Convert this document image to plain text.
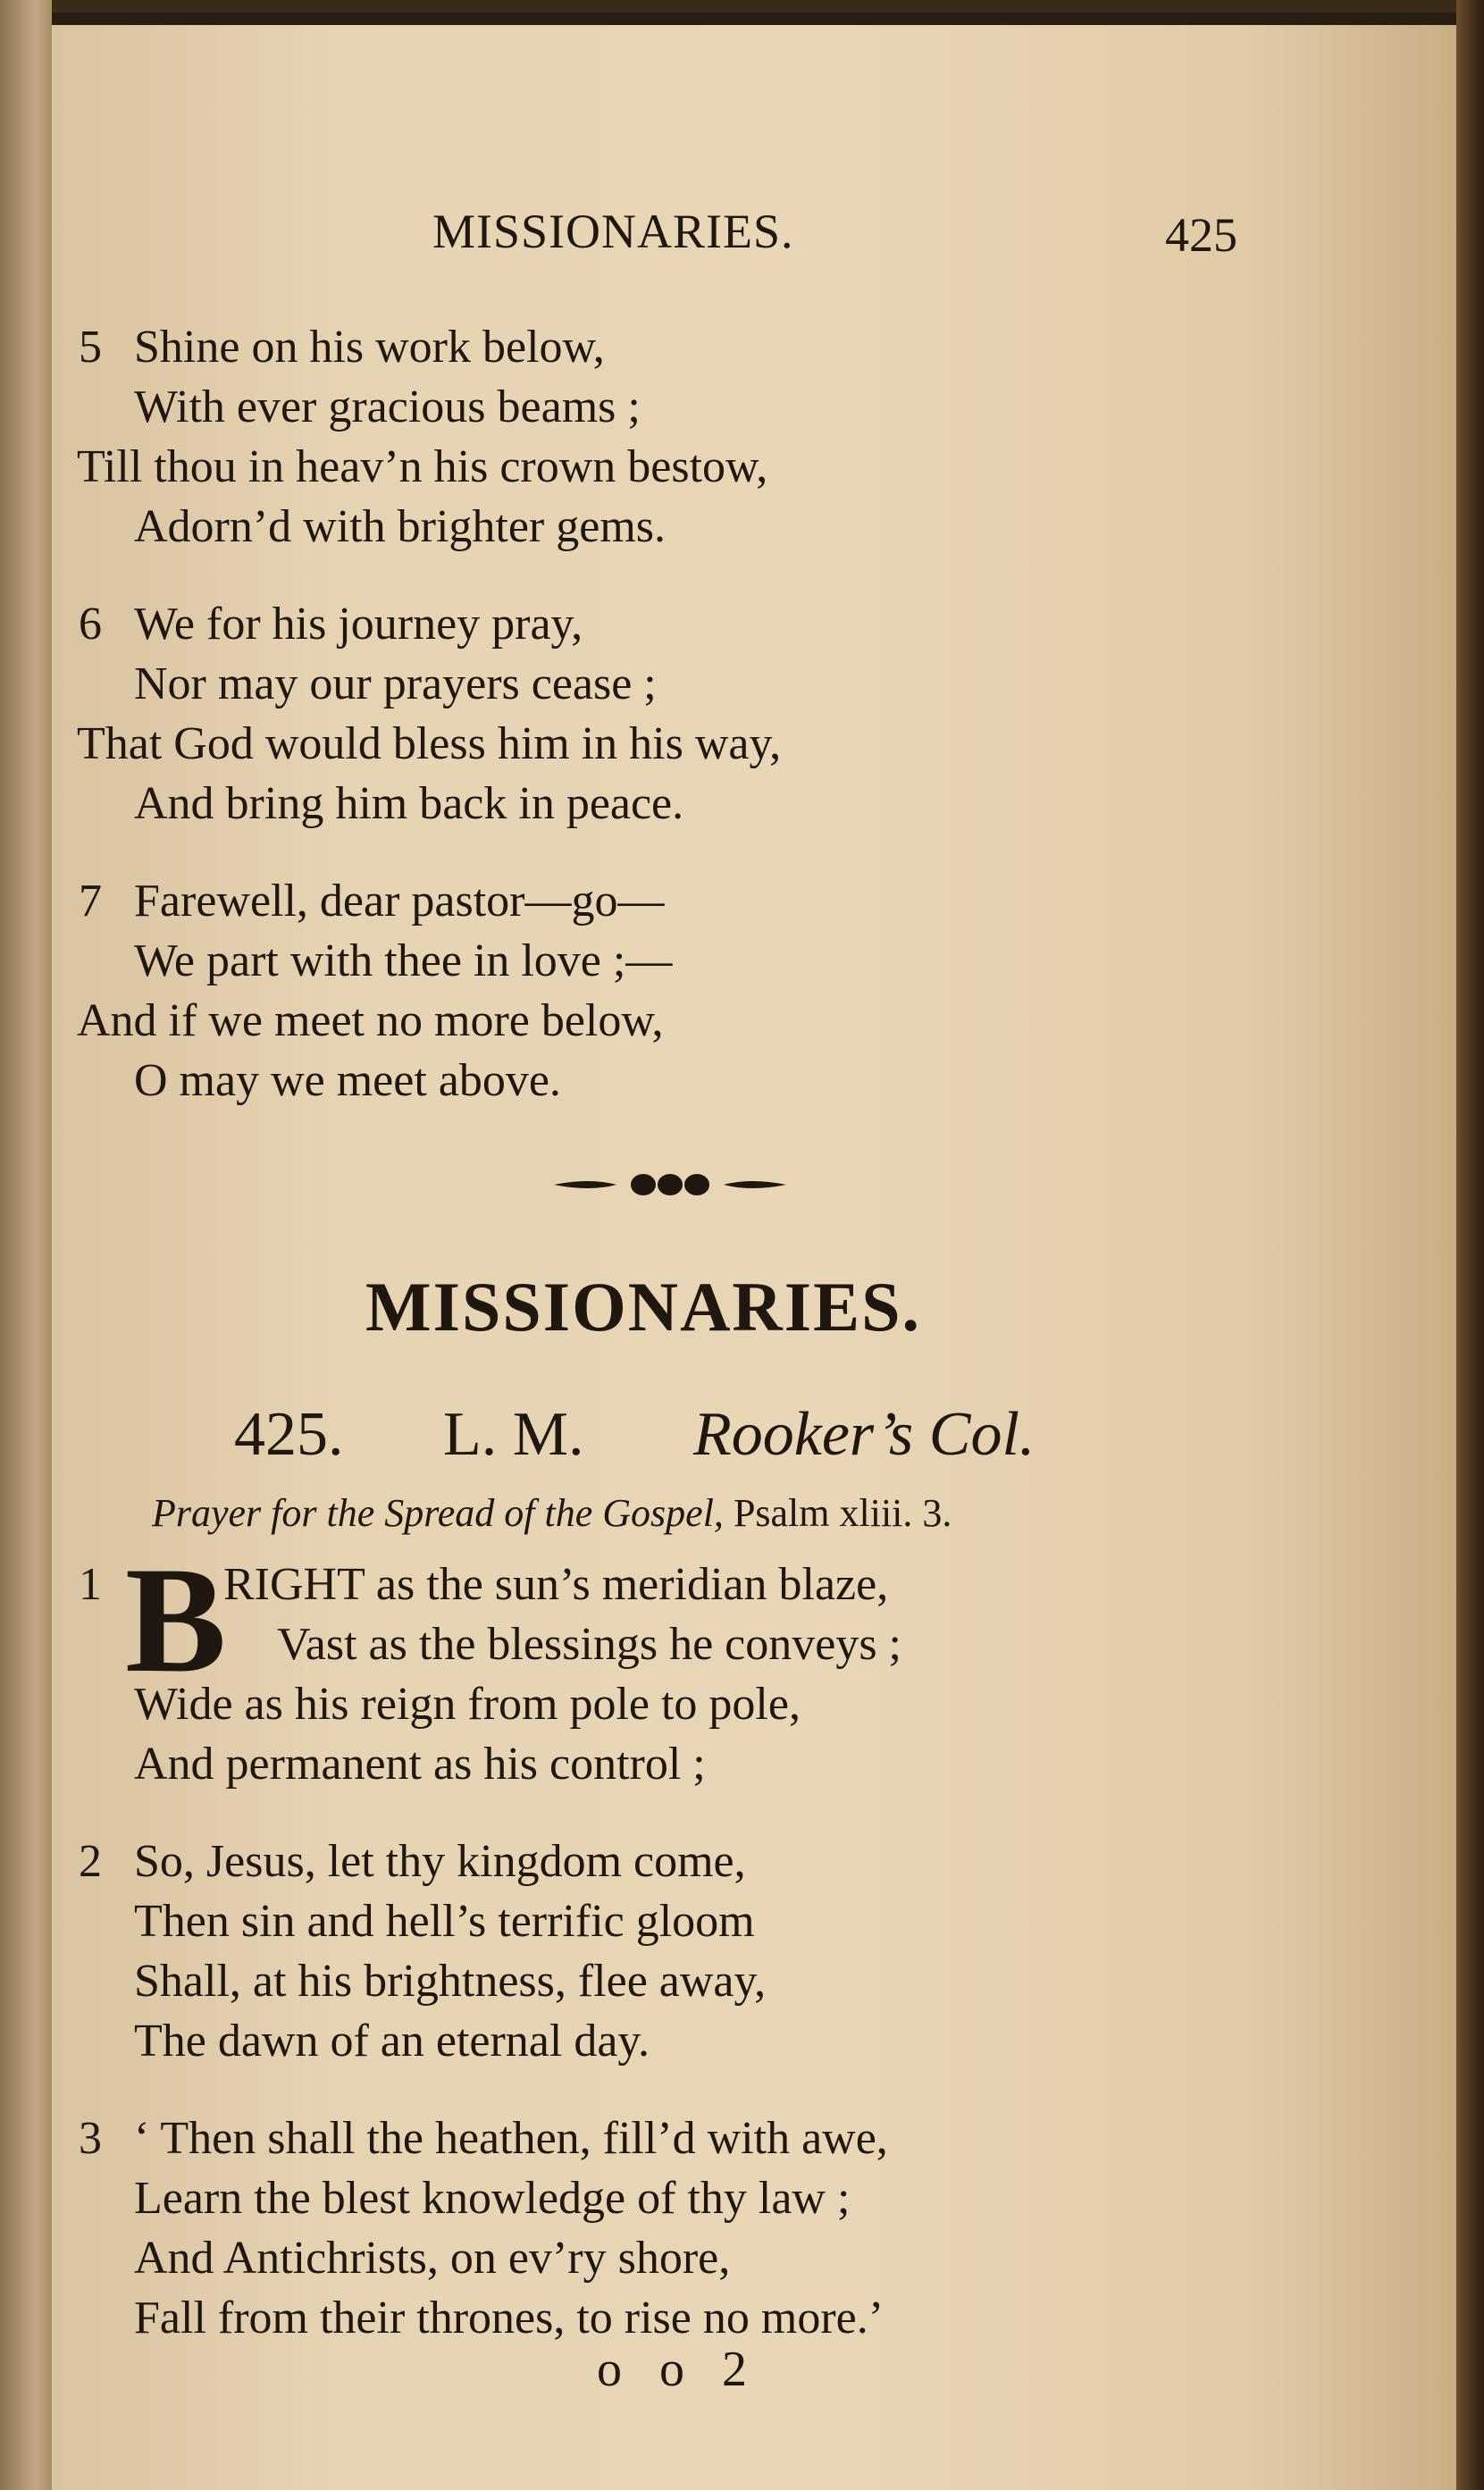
MISSIONARIES.	425
5 Shine on his work below,
With ever gracious beams ;
Till thou in heav’n his crown bestow,
Adorn’d with brighter gems.
6 We for his journey pray,
Nor may our prayers cease ;
That God would bless him in his way,
And bring him back in peace.
7 Farewell, dear pastor—go—
We part with thee in love ;—
And if we meet no more below,
O may we meet above.
MISSIONARIES.
425. L. M. Rooker’s Col.
Prayer for the Spread of the Gospel, Psalm xliii. 3.
1 B
RIGHT as the sun’s meridian blaze,
Vast as the blessings he conveys ;
Wide as his reign from pole to pole,
And permanent as his control ;
2 So, Jesus, let thy kingdom come,
Then sin and hell’s terrific gloom
Shall, at his brightness, flee away,
The dawn of an eternal day.
3 ‘ Then shall the heathen, fill’d with awe,
Learn the blest knowledge of thy law ;
And Antichrists, on ev’ry shore,
Fall from their thrones, to rise no more.’
o o 2
